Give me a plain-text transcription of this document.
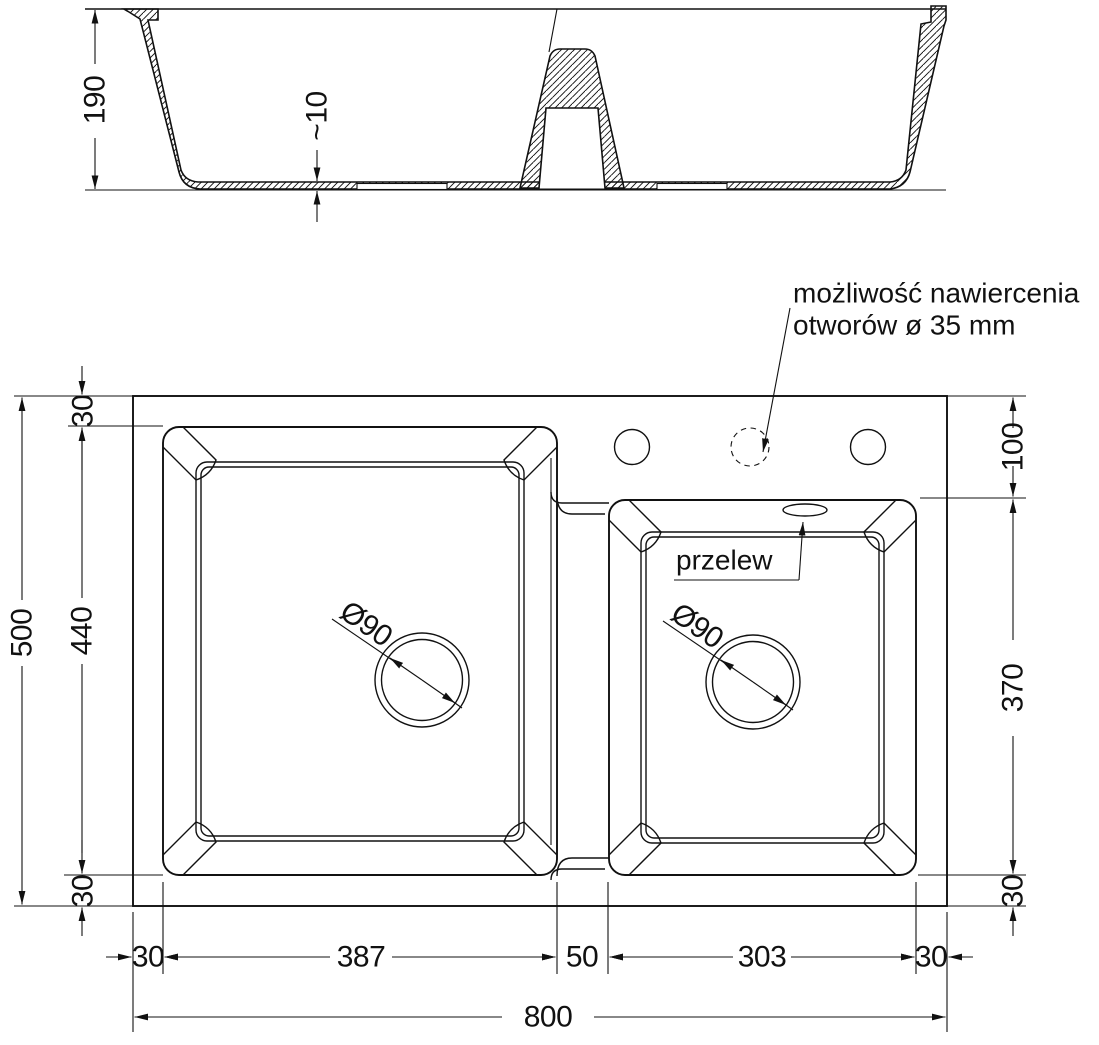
190	~10
przelew
możliwość nawiercenia
otworów ø 35 mm
Ø90	Ø90
500
30
440
30
100
370
30
30	387	50	303	30
800
